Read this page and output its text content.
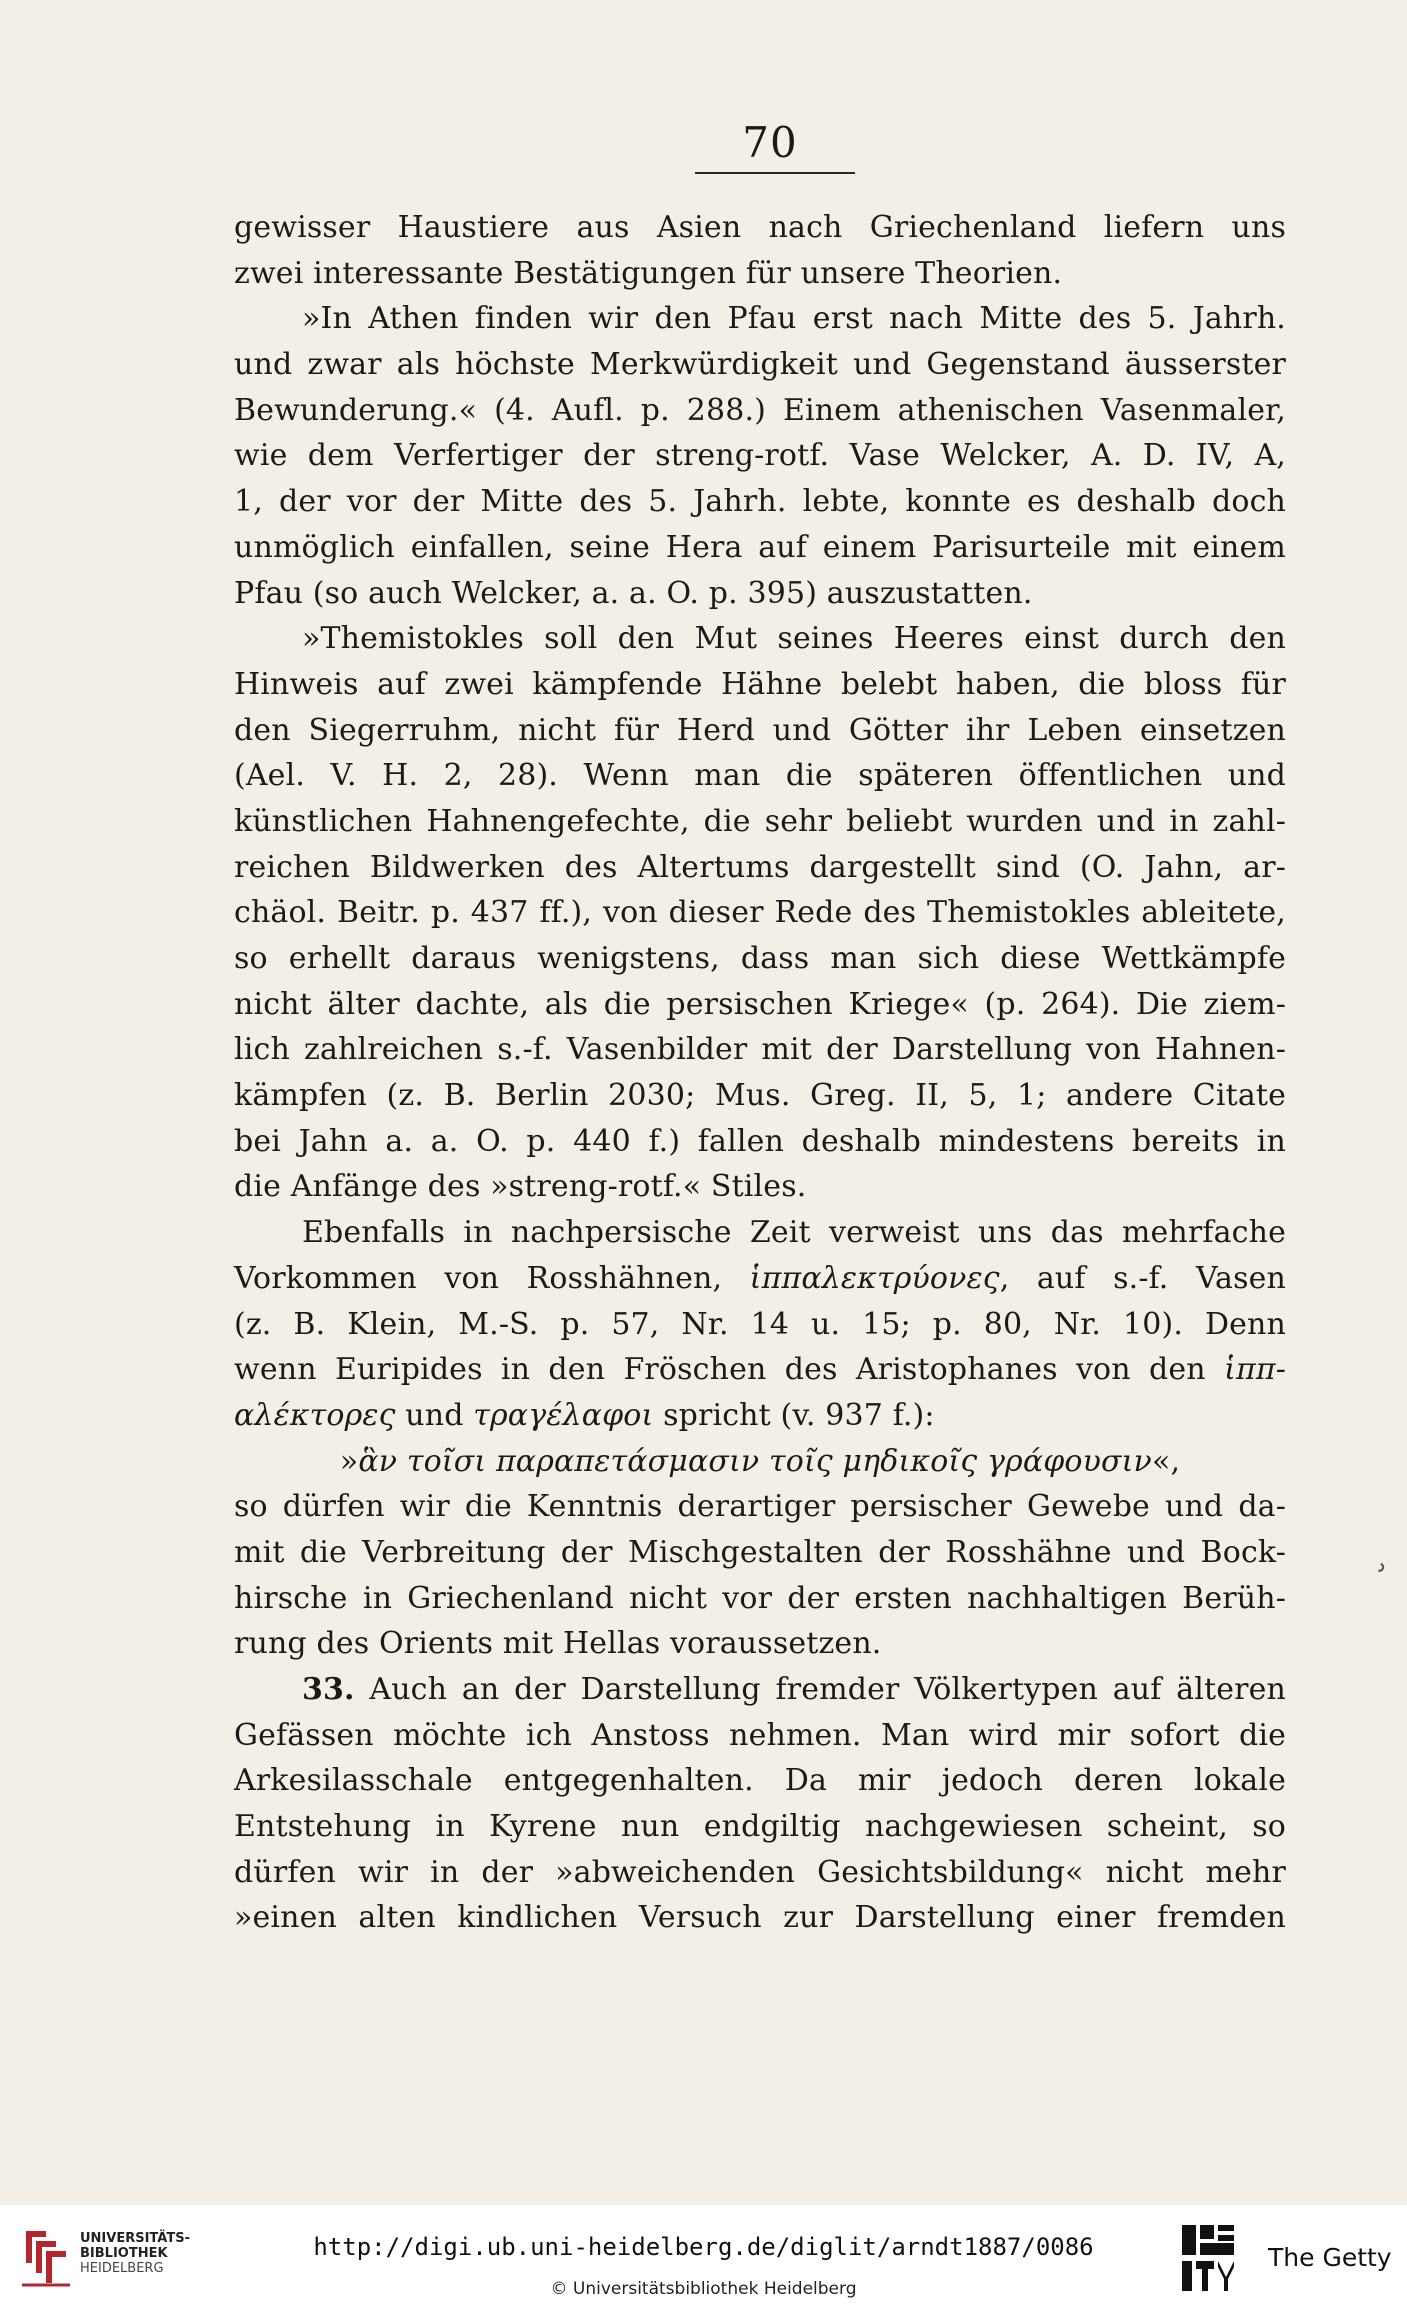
70
gewisser Haustiere aus Asien nach Griechenland liefern uns
zwei interessante Bestätigungen für unsere Theorien.
»In Athen finden wir den Pfau erst nach Mitte des 5. Jahrh.
und zwar als höchste Merkwürdigkeit und Gegenstand äusserster
Bewunderung.« (4. Aufl. p. 288.) Einem athenischen Vasenmaler,
wie dem Verfertiger der streng-rotf. Vase Welcker, A. D. IV, A,
1, der vor der Mitte des 5. Jahrh. lebte, konnte es deshalb doch
unmöglich einfallen, seine Hera auf einem Parisurteile mit einem
Pfau (so auch Welcker, a. a. O. p. 395) auszustatten.
»Themistokles soll den Mut seines Heeres einst durch den
Hinweis auf zwei kämpfende Hähne belebt haben, die bloss für
den Siegerruhm, nicht für Herd und Götter ihr Leben einsetzen
(Ael. V. H. 2, 28). Wenn man die späteren öffentlichen und
künstlichen Hahnengefechte, die sehr beliebt wurden und in zahl-
reichen Bildwerken des Altertums dargestellt sind (O. Jahn, ar-
chäol. Beitr. p. 437 ff.), von dieser Rede des Themistokles ableitete,
so erhellt daraus wenigstens, dass man sich diese Wettkämpfe
nicht älter dachte, als die persischen Kriege« (p. 264). Die ziem-
lich zahlreichen s.-f. Vasenbilder mit der Darstellung von Hahnen-
kämpfen (z. B. Berlin 2030; Mus. Greg. II, 5, 1; andere Citate
bei Jahn a. a. O. p. 440 f.) fallen deshalb mindestens bereits in
die Anfänge des »streng-rotf.« Stiles.
Ebenfalls in nachpersische Zeit verweist uns das mehrfache
Vorkommen von Rosshähnen, ἱππαλεκτρύονες, auf s.-f. Vasen
(z. B. Klein, M.-S. p. 57, Nr. 14 u. 15; p. 80, Nr. 10). Denn
wenn Euripides in den Fröschen des Aristophanes von den ἱππ-
αλέκτορες und τραγέλαφοι spricht (v. 937 f.):
»ἃν τοῖσι παραπετάσμασιν τοῖς μηδικοῖς γράφουσιν«,
so dürfen wir die Kenntnis derartiger persischer Gewebe und da-
mit die Verbreitung der Mischgestalten der Rosshähne und Bock-
hirsche in Griechenland nicht vor der ersten nachhaltigen Berüh-
rung des Orients mit Hellas voraussetzen.
33. Auch an der Darstellung fremder Völkertypen auf älteren
Gefässen möchte ich Anstoss nehmen. Man wird mir sofort die
Arkesilasschale entgegenhalten. Da mir jedoch deren lokale
Entstehung in Kyrene nun endgiltig nachgewiesen scheint, so
dürfen wir in der »abweichenden Gesichtsbildung« nicht mehr
»einen alten kindlichen Versuch zur Darstellung einer fremden
ʾ
UNIVERSITÄTS-
BIBLIOTHEK
HEIDELBERG
http://digi.ub.uni-heidelberg.de/diglit/arndt1887/0086
© Universitätsbibliothek Heidelberg
The Getty
